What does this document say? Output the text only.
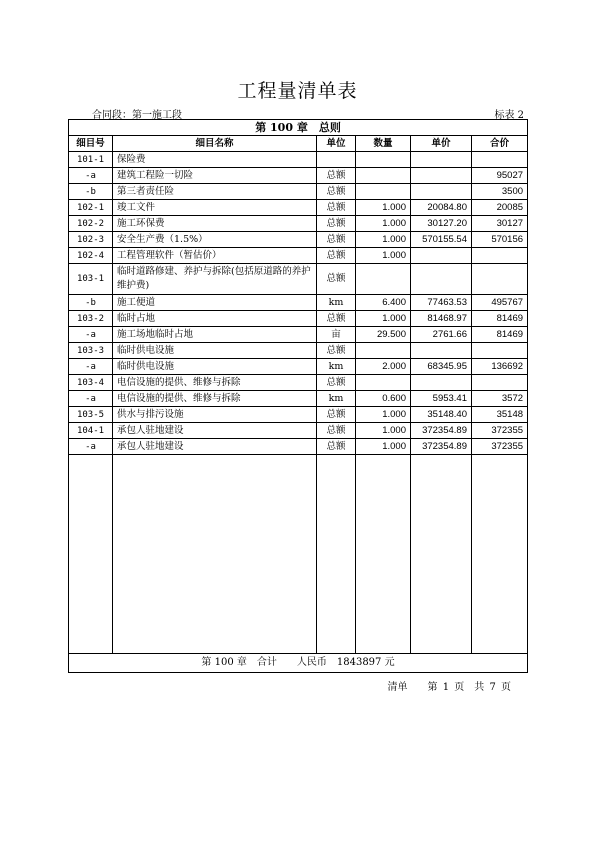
工程量清单表
合同段：第一施工段	标表 2
第 100 章　总则					
细目号	细目名称	单位	数量	单价	合价
101-1	保险费				
-a	建筑工程险一切险	总额			95027
-b	第三者责任险	总额			3500
102-1	竣工文件	总额	1.000	20084.80	20085
102-2	施工环保费	总额	1.000	30127.20	30127
102-3	安全生产费（1.5%）	总额	1.000	570155.54	570156
102-4	工程管理软件（暂估价）	总额	1.000		
103-1	临时道路修建、养护与拆除(包括原道路的养护维护费)	总额			
-b	施工便道	km	6.400	77463.53	495767
103-2	临时占地	总额	1.000	81468.97	81469
-a	施工场地临时占地	亩	29.500	2761.66	81469
103-3	临时供电设施	总额			
-a	临时供电设施	km	2.000	68345.95	136692
103-4	电信设施的提供、维修与拆除	总额			
-a	电信设施的提供、维修与拆除	km	0.600	5953.41	3572
103-5	供水与排污设施	总额	1.000	35148.40	35148
104-1	承包人驻地建设	总额	1.000	372354.89	372355
-a	承包人驻地建设	总额	1.000	372354.89	372355

第 100 章　合计　　人民币　1843897 元					
清单　　第 1 页　共 7 页
